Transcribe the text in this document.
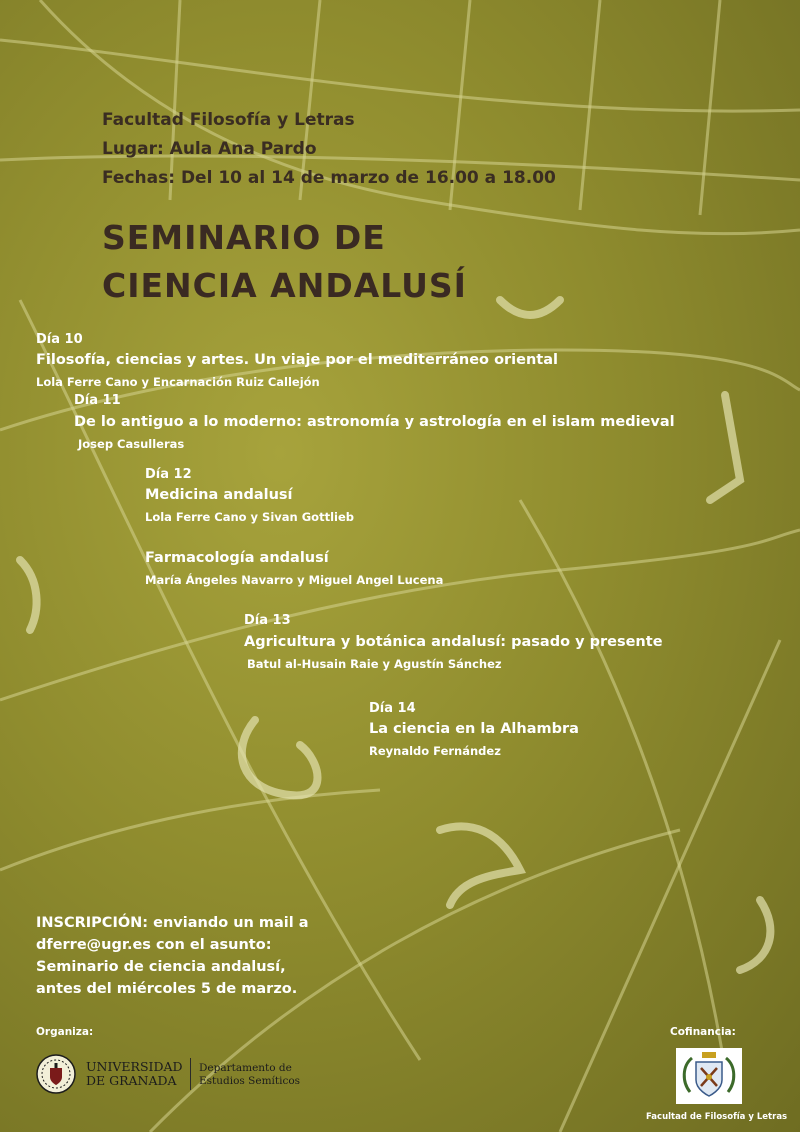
Facultad Filosofía y Letras
Lugar: Aula Ana Pardo
Fechas: Del 10 al 14 de marzo de 16.00 a 18.00
SEMINARIO DE
CIENCIA ANDALUSÍ
Día 10
Filosofía, ciencias y artes. Un viaje por el mediterráneo oriental
Lola Ferre Cano y Encarnación Ruiz Callejón
Día 11
De lo antiguo a lo moderno: astronomía y astrología en el islam medieval
Josep Casulleras
Día 12
Medicina andalusí
Lola Ferre Cano y Sivan Gottlieb
Farmacología andalusí
María Ángeles Navarro y Miguel Angel Lucena
Día 13
Agricultura y botánica andalusí: pasado y presente
Batul al-Husain Raie y Agustín Sánchez
Día 14
La ciencia en la Alhambra
Reynaldo Fernández
INSCRIPCIÓN: enviando un mail a
dferre@ugr.es con el asunto:
Seminario de ciencia andalusí,
antes del miércoles 5 de marzo.
Organiza:	Cofinancia:
UNIVERSIDAD
DE GRANADA
Departamento de
Estudios Semíticos
Facultad de Filosofía y Letras
